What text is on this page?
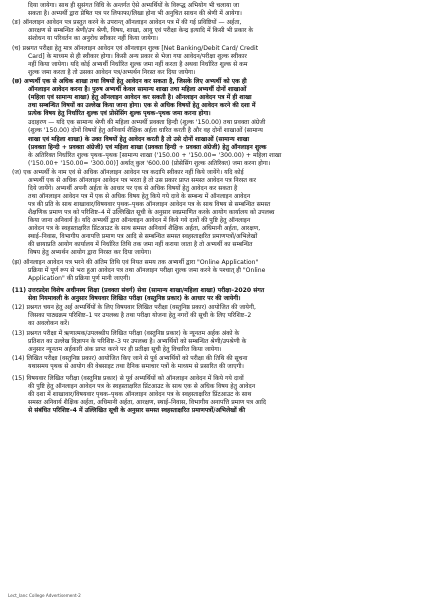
दिया जायेगा। साथ ही सुसंगत विधि के अन्तर्गत ऐसे अभ्यर्थियों के विरूद्ध अभियोग भी चलाया जा
सकता है। अभ्यर्थी द्वारा प्रेषित पत्र पर लिफाफा/लिखा होना भी अनुचित साधन की श्रेणी में आयेगा।

(ङ) ऑनलाइन आवेदन पत्र प्रस्तुत करने के उपरान्त् ऑनलाइन आवेदन पत्र में की गई प्रविष्टियों — अर्हता,
आरक्षण से सम्बन्धित श्रेणी/उप श्रेणी, विषय, शाखा, आयु एवं परीक्षा केन्द्र इत्यादि में किसी भी प्रकार के
संशोधन या परिवर्तन का अनुरोध स्वीकार नहीं किया जायेगा।

(च) प्रश्नगत परीक्षा हेतु मात्र ऑनलाइन आवेदन एवं ऑनलाइन शुल्क [Net Banking/Debit Card/ Credit
Card] के माध्यम से ही स्वीकार होगा। किसी अन्य प्रकार से भेजा गया आवेदन/परीक्षा शुल्क स्वीकार
नहीं किया जायेगा। यदि कोई अभ्यर्थी निर्धारित शुल्क जमा नहीं करता है अथवा निर्धारित शुल्क से कम
शुल्क जमा करता है तो उसका आवेदन पत्र/अभ्यर्थन निरस्त कर दिया जायेगा।

(छ) अभ्यर्थी एक से अधिक शाखा तथा विषयों हेतु आवेदन कर सकता है, जिसके लिए अभ्यर्थी को एक ही
ऑनलाइन आवेदन करना है। पुरुष अभ्यर्थी केवल सामान्य शाखा तथा महिला अभ्यर्थी दोनों शाखाओं
(महिला एवं सामान्य शाखा) हेतु ऑनलाइन आवेदन कर सकती है। ऑनलाइन आवेदन पत्र में ही शाखा
तथा सम्बन्धित विषयों का उल्लेख किया जाना होगा। एक से अधिक विषयों हेतु आवेदन करने की दशा में
प्रत्येक विषय हेतु निर्धारित शुल्क एवं प्रोसेसिंग शुल्क पृथक–पृथक जमा करना होगा।

उदाहरण — यदि एक सामान्य श्रेणी की महिला अभ्यर्थी प्रवक्ता हिन्दी (शुल्क '150.00) तथा प्रवक्ता अंग्रेजी
(शुल्क '150.00) दोनों विषयों हेतु अनिवार्य शैक्षिक अर्हता धारित करती है और वह दोनों शाखाओं (सामान्य
शाखा एवं महिला शाखा) के उक्त विषयों हेतु आवेदन करती है तो उसे दोनों शाखाओं (सामान्य शाखा
(प्रवक्ता हिन्दी + प्रवक्ता अंग्रेजी) एवं महिला शाखा (प्रवक्ता हिन्दी + प्रवक्ता अंग्रेजी) हेतु ऑनलाइन शुल्क
के अतिरिक्त निर्धारित शुल्क पृथक–पृथक [सामान्य शाखा ('150.00 + '150.00= '300.00) + महिला शाखा
('150.00+ '150.00= '300.00)] अर्थात् कुल '600.00 (प्रोसेसिंग शुल्क अतिरिक्त) जमा करना होगा।

(ज) एक अभ्यर्थी के नाम एवं से अधिक ऑनलाइन आवेदन पत्र कदापि स्वीकार नहीं किये जायेंगे। यदि कोई
अभ्यर्थी एक से अधिक ऑनलाइन आवेदन पत्र भरता है तो उस प्रकार प्राप्त समस्त आवेदन पत्र निरस्त कर
दिये जायेंगे। अभ्यर्थी अपनी अर्हता के आधार पर एक से अधिक विषयों हेतु आवेदन कर सकता है
तथा ऑनलाइन आवेदन पत्र में एक से अधिक विषय हेतु किये गये दावे के सम्बन्ध में ऑनलाइन आवेदन
पत्र की प्रति के साथ शाखावार/विषयवार पृथक–पृथक ऑनलाइन आवेदन पत्र के साथ विषय से सम्बन्धित समस्त
शैक्षणिक प्रमाण पत्र को परिशिष्ट–4 में उल्लिखित सूची के अनुसार स्वप्रमाणित करके आयोग कार्यालय को उपलब्ध
किया जाना अनिवार्य है। यदि अभ्यर्थी द्वारा ऑनलाइन आवेदन में किये गये दावों की पुष्टि हेतु ऑनलाइन
आवेदन पत्र के स्वहस्ताक्षरित प्रिंटआउट के साथ समस्त अनिवार्य शैक्षिक अर्हता, अधिमानी अर्हता, आरक्षण,
स्थाई–निवास, विभागीय अनापत्ति प्रमाण पत्र आदि से सम्बन्धित समस्त स्वहस्ताक्षरित प्रमाणपत्रों/अभिलेखों
की छायाप्रति आयोग कार्यालय में निर्धारित तिथि तक जमा नहीं कराया जाता है तो अभ्यर्थी का सम्बन्धित
विषय हेतु अभ्यर्थन आयोग द्वारा निरस्त कर दिया जायेगा।

(झ) ऑनलाइन आवेदन पत्र भरने की अंतिम तिथि एवं नियत समय तक अभ्यर्थी द्वारा "Online Application"
प्रक्रिया में पूर्ण रूप से भरा हुआ आवेदन पत्र तथा ऑनलाइन परीक्षा शुल्क जमा करने के पश्चात् ही "Online
Application" की प्रक्रिया पूर्ण मानी जाएगी।

(11) उत्तरप्रदेश विशेष अधीनस्थ शिक्षा (प्रवक्ता संवर्ग) सेवा (सामान्य शाखा/महिला शाखा) परीक्षा–2020 संगत
सेवा नियमावली के अनुसार विषयवार लिखित परीक्षा (वस्तुनिष्ठ प्रकार) के आधार पर की जायेगी।

(12) प्रश्नगत चयन हेतु अर्ह अभ्यर्थियों के लिए विषयवार लिखित परीक्षा (वस्तुनिष्ठ प्रकार) आयोजित की जायेगी,
जिसका पाठ्यक्रम परिशिष्ट–1 पर उपलब्ध है तथा परीक्षा योजना हेतु नगरों की सूची के लिए परिशिष्ट–2
का अवलोकन करें।

(13) प्रश्नगत परीक्षा में ऋणात्मक/उपलब्धीय लिखित परीक्षा (वस्तुनिष्ठ प्रकार) के न्यूनतम अर्हक अंको के
प्रतिशत का उल्लेख विज्ञापन के परिशिष्ट–3 पर उपलब्ध है। अभ्यर्थियों को सम्बन्धित श्रेणी/उपश्रेणी के
अनुसार न्यूनतम अर्हकारी अंक प्राप्त करने पर ही प्रतीक्षा सूची हेतु विचारित किया जायेगा।

(14) लिखित परीक्षा (वस्तुनिष्ठ प्रकार) आयोजित किए जाने से पूर्व अभ्यर्थियों को परीक्षा की तिथि की सूचना
यथासमय पृथक से आयोग की वेबसाइट तथा दैनिक समाचार पत्रों के माध्यम से प्रसारित की जाएगी।

(15) विषयवार लिखित परीक्षा (वस्तुनिष्ठ प्रकार) से पूर्व अभ्यर्थियों को ऑनलाइन आवेदन में किये गये दावों
की पुष्टि हेतु ऑनलाइन आवेदन पत्र के स्वहस्ताक्षरित प्रिंटआउट के साथ एक से अधिक विषय हेतु आवेदन
की दशा में शाखावार/विषयवार पृथक–पृथक ऑनलाइन आवेदन पत्र के स्वहस्ताक्षरित प्रिंटआउट के साथ
समस्त अनिवार्य शैक्षिक अर्हता, अधिमानी अर्हता, आरक्षण, स्थाई–निवास, विभागीय अनापत्ति प्रमाण पत्र आदि
से संबंधित परिशिष्ट–4 में उल्लिखित सूची के अनुसार समस्त स्वहस्ताक्षरित प्रमाणपत्रों/अभिलेखों की

Lect_Ianc College Advertisement-2
